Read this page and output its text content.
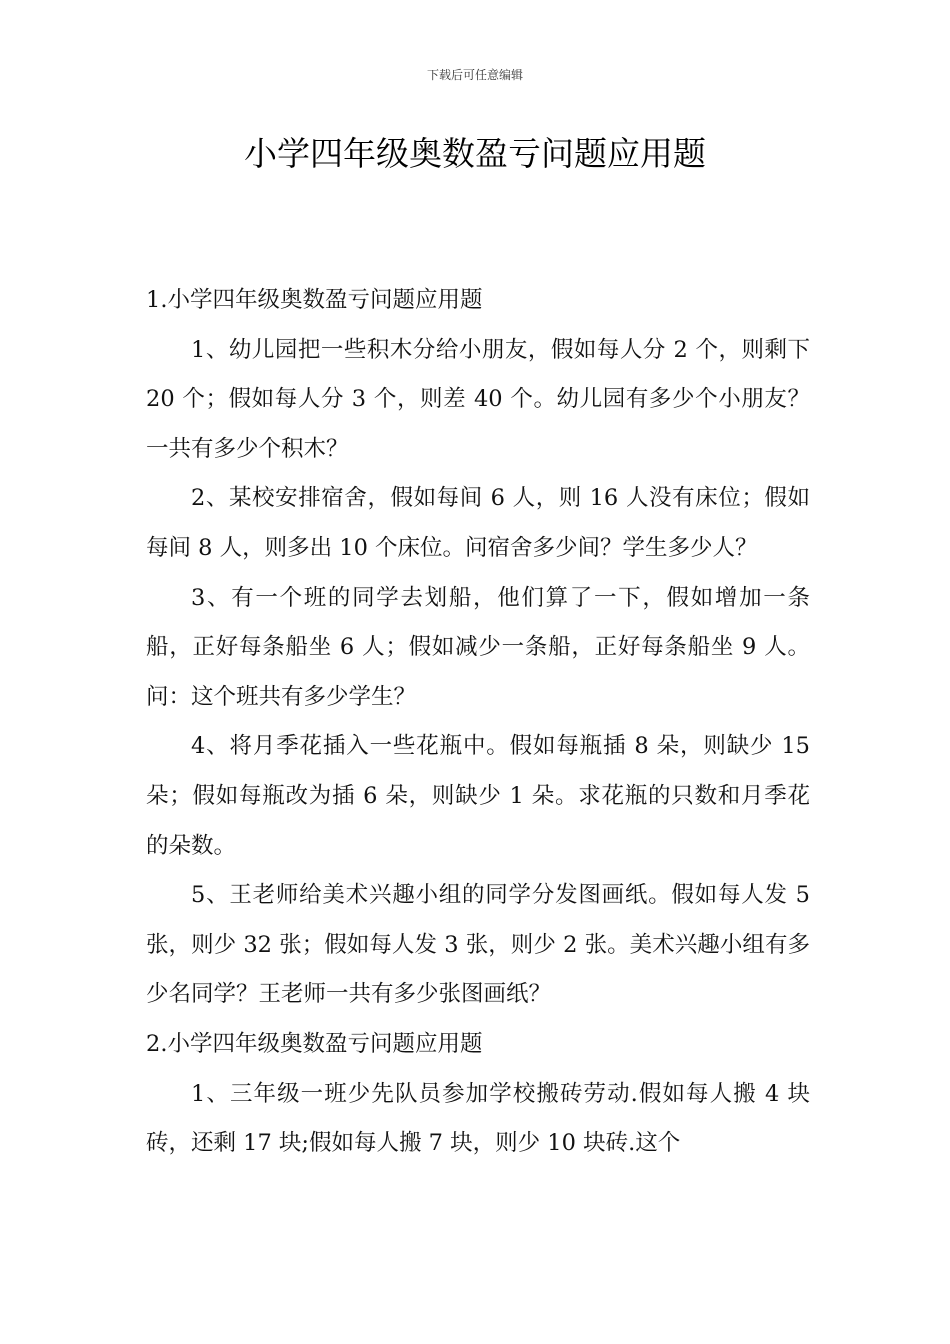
下载后可任意编辑
小学四年级奥数盈亏问题应用题

1.小学四年级奥数盈亏问题应用题

1、幼儿园把一些积木分给小朋友，假如每人分 2 个，则剩下 20 个；假如每人分 3 个，则差 40 个。幼儿园有多少个小朋友？一共有多少个积木？

2、某校安排宿舍，假如每间 6 人，则 16 人没有床位；假如每间 8 人，则多出 10 个床位。问宿舍多少间？学生多少人？

3、有一个班的同学去划船，他们算了一下，假如增加一条船，正好每条船坐 6 人；假如减少一条船，正好每条船坐 9 人。问：这个班共有多少学生？

4、将月季花插入一些花瓶中。假如每瓶插 8 朵，则缺少 15 朵；假如每瓶改为插 6 朵，则缺少 1 朵。求花瓶的只数和月季花的朵数。

5、王老师给美术兴趣小组的同学分发图画纸。假如每人发 5 张，则少 32 张；假如每人发 3 张，则少 2 张。美术兴趣小组有多少名同学？王老师一共有多少张图画纸？

2.小学四年级奥数盈亏问题应用题

1、三年级一班少先队员参加学校搬砖劳动.假如每人搬 4 块砖，还剩 17 块;假如每人搬 7 块，则少 10 块砖.这个
